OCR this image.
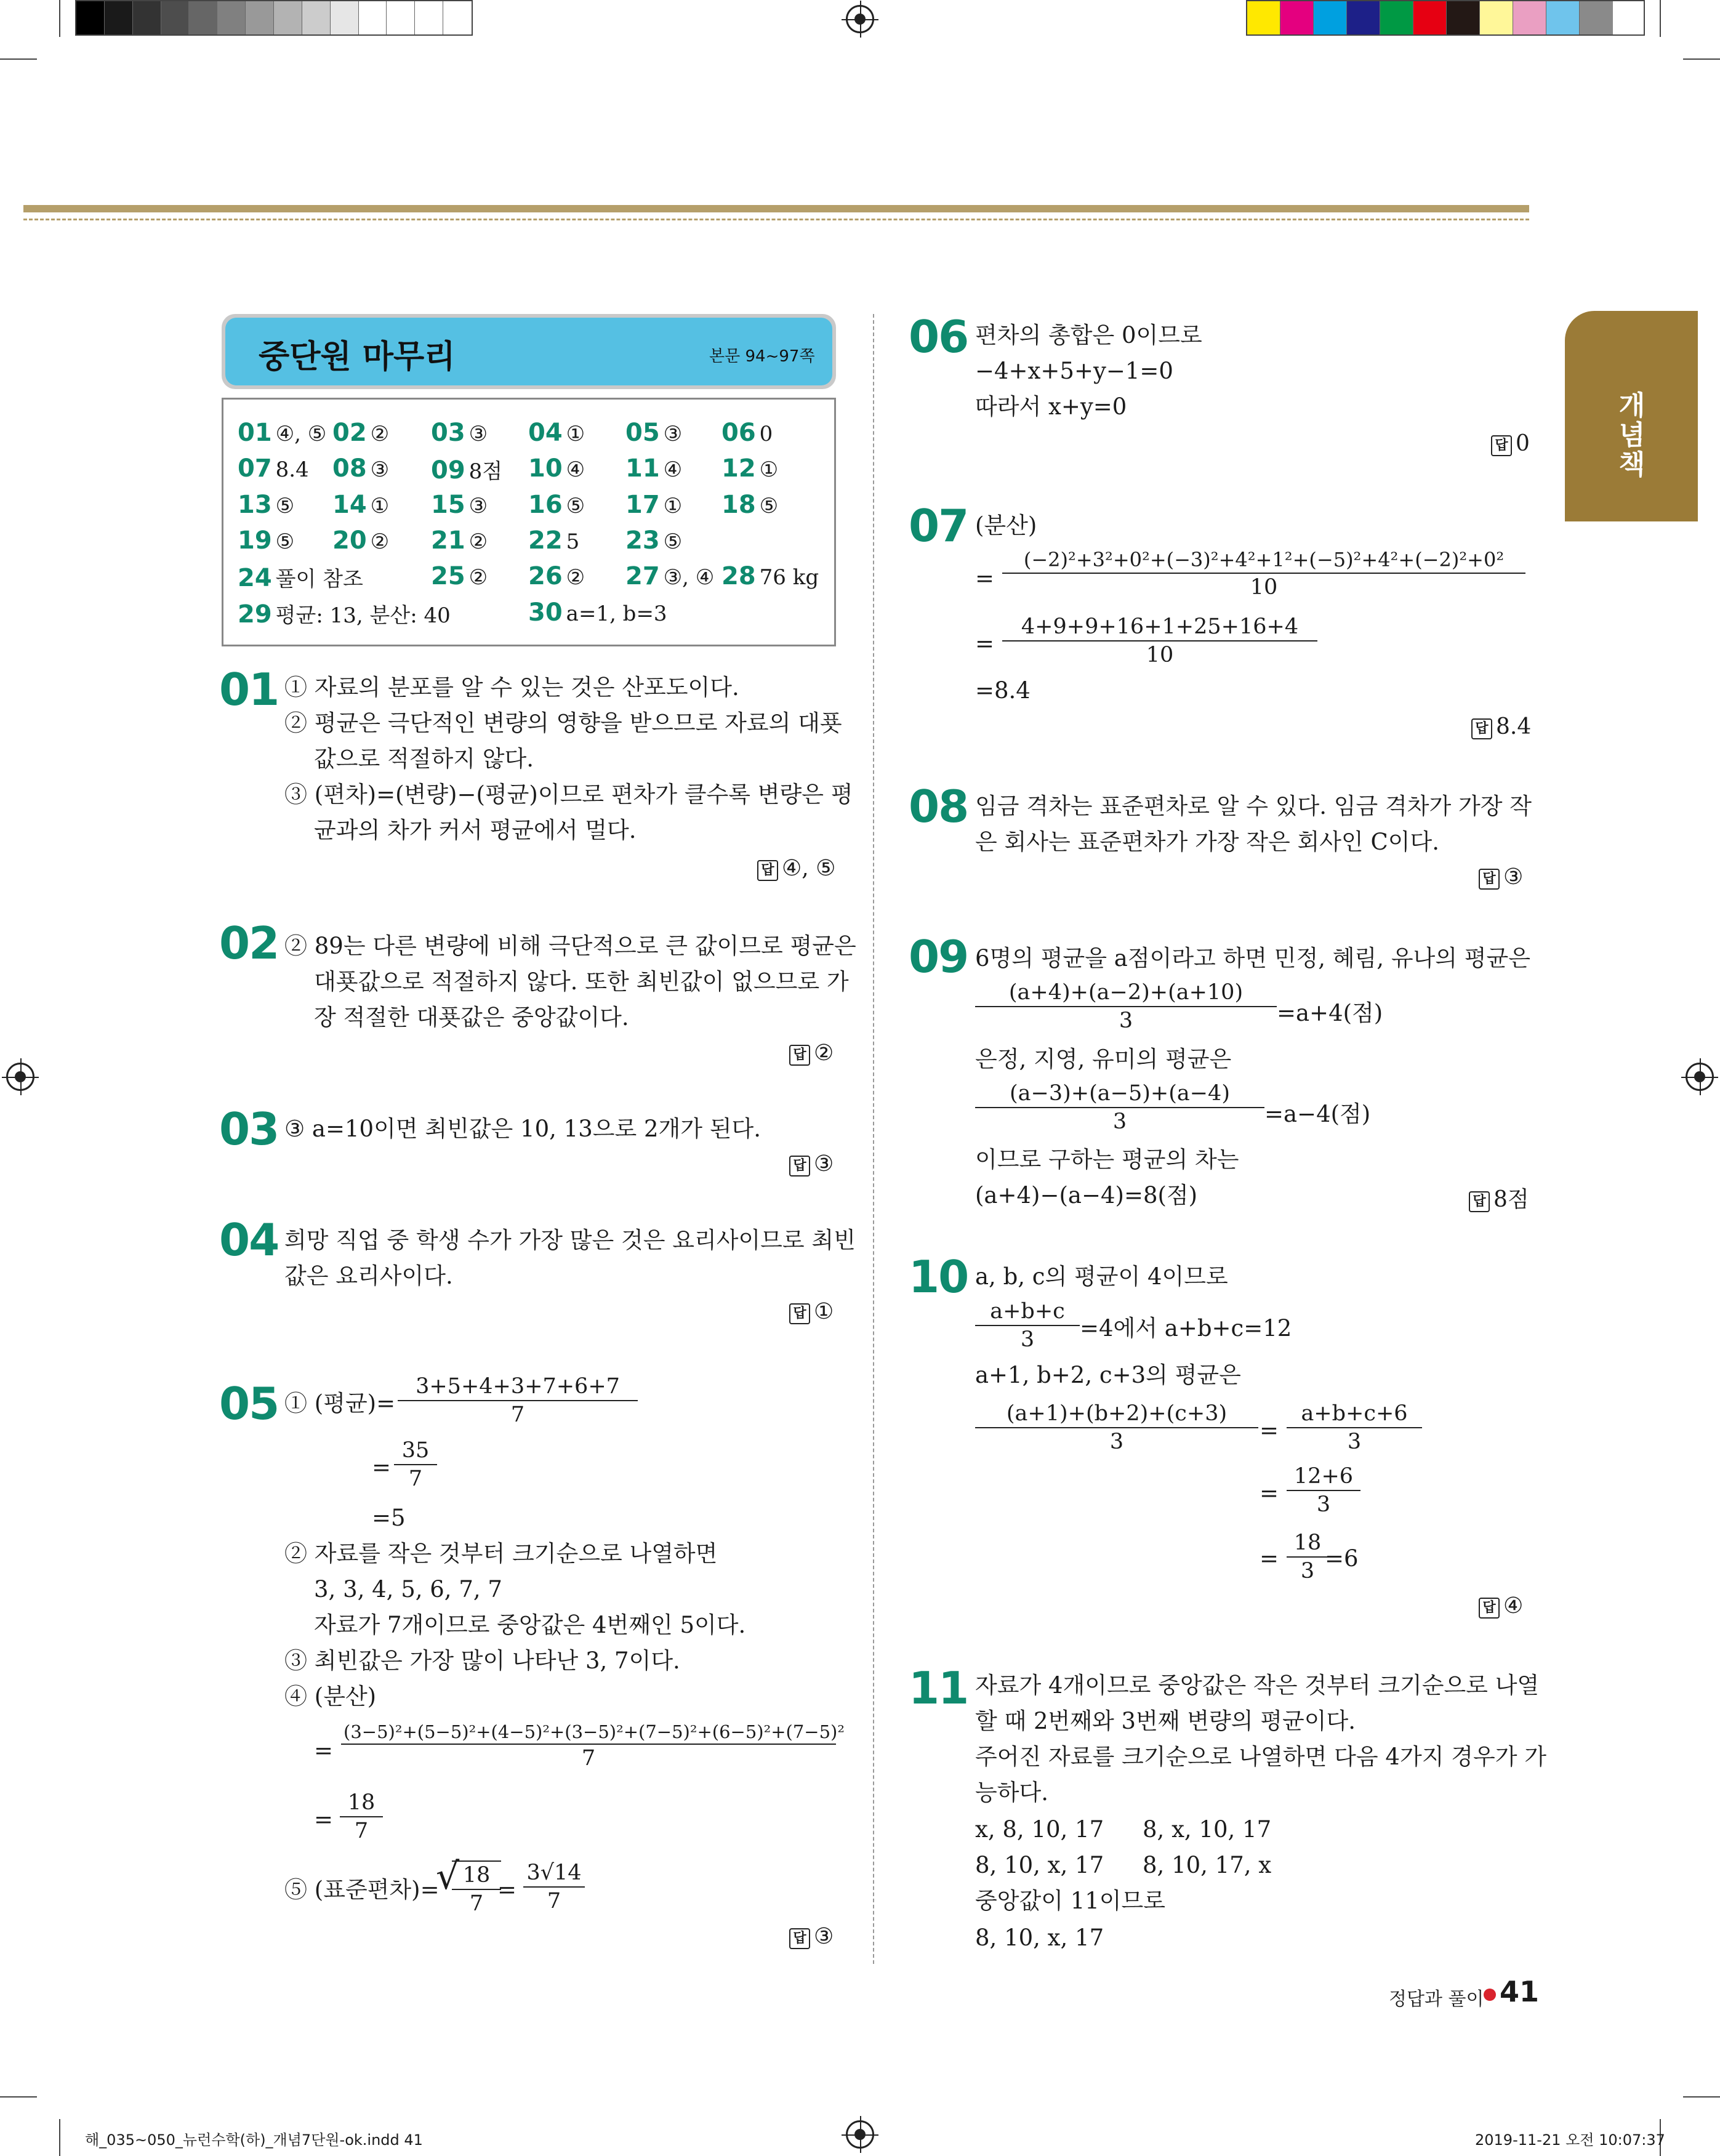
개념책
중단원 마무리	본문 94~97쪽
01 ④, ⑤ 02 ② 03 ③ 04 ① 05 ③ 06 0
07 8.4 08 ③ 09 8점 10 ④ 11 ④ 12 ①
13 ⑤ 14 ① 15 ③ 16 ⑤ 17 ① 18 ⑤
19 ⑤ 20 ② 21 ② 22 5 23 ⑤
24 풀이 참조	25 ② 26 ② 27 ③, ④ 28 76 kg
29 평균: 13, 분산: 40	30 a=1, b=3
01 ① 자료의 분포를 알 수 있는 것은 산포도이다.
② 평균은 극단적인 변량의 영향을 받으므로 자료의 대푯
값으로 적절하지 않다.
③ (편차)=(변량)−(평균)이므로 편차가 클수록 변량은 평
균과의 차가 커서 평균에서 멀다.
답 ④, ⑤
02 ② 89는 다른 변량에 비해 극단적으로 큰 값이므로 평균은
대푯값으로 적절하지 않다. 또한 최빈값이 없으므로 가
장 적절한 대푯값은 중앙값이다.
답 ②
03 ③ a=10이면 최빈값은 10, 13으로 2개가 된다.
답 ③
04 희망 직업 중 학생 수가 가장 많은 것은 요리사이므로 최빈
값은 요리사이다.
답 ①
05 ① (평균)= $\frac{3+5+4+3+7+6+7}{7}$
= $\frac{35}{7}$
=5
② 자료를 작은 것부터 크기순으로 나열하면
3, 3, 4, 5, 6, 7, 7
자료가 7개이므로 중앙값은 4번째인 5이다.
③ 최빈값은 가장 많이 나타난 3, 7이다.
④ (분산)
=
(3−5)²+(5−5)²+(4−5)²+(3−5)²+(7−5)²+(6−5)²+(7−5)²
7
= $\frac{18}{7}$
⑤ (표준편차)=
√
$\frac{18}{7}$
= $\frac{3√14}{7}$
답 ③
06 편차의 총합은 0이므로
−4+x+5+y−1=0
따라서 x+y=0
답 0
07 (분산)
= $\frac{\text{(−2)²+3²+0²+(−3)²+4²+1²+(−5)²+4²+(−2)²+0²}}{10}$
= $\frac{4+9+9+16+1+25+16+4}{10}$
=8.4
답 8.4
08 임금 격차는 표준편차로 알 수 있다. 임금 격차가 가장 작
은 회사는 표준편차가 가장 작은 회사인 C이다.
답 ③
09 6명의 평균을 a점이라고 하면 민정, 혜림, 유나의 평균은
$\frac{(a+4)+(a-2)+(a+10)}{3} =a+4$(점)
은정, 지영, 유미의 평균은
$\frac{(a-3)+(a-5)+(a-4)}{3} =a-4$(점)
이므로 구하는 평균의 차는
(a+4)−(a−4)=8(점)	답 8점
10 a, b, c의 평균이 4이므로
$\frac{a+b+c}{3} =4$에서 a+b+c=12
a+1, b+2, c+3의 평균은
$\frac{(a+1)+(b+2)+(c+3)}{3} = \frac{a+b+c+6}{3}$
= $\frac{12+6}{3}$
= $\frac{18}{3}$
=6
답 ④
11 자료가 4개이므로 중앙값은 작은 것부터 크기순으로 나열
할 때 2번째와 3번째 변량의 평균이다.
주어진 자료를 크기순으로 나열하면 다음 4가지 경우가 가
능하다.
x, 8, 10, 17 8, x, 10, 17
8, 10, x, 17 8, 10, 17, x
중앙값이 11이므로
8, 10, x, 17
정답과 풀이 41
해_035~050_뉴런수학(하)_개념7단원-ok.indd 41	2019-11-21 오전 10:07:37
